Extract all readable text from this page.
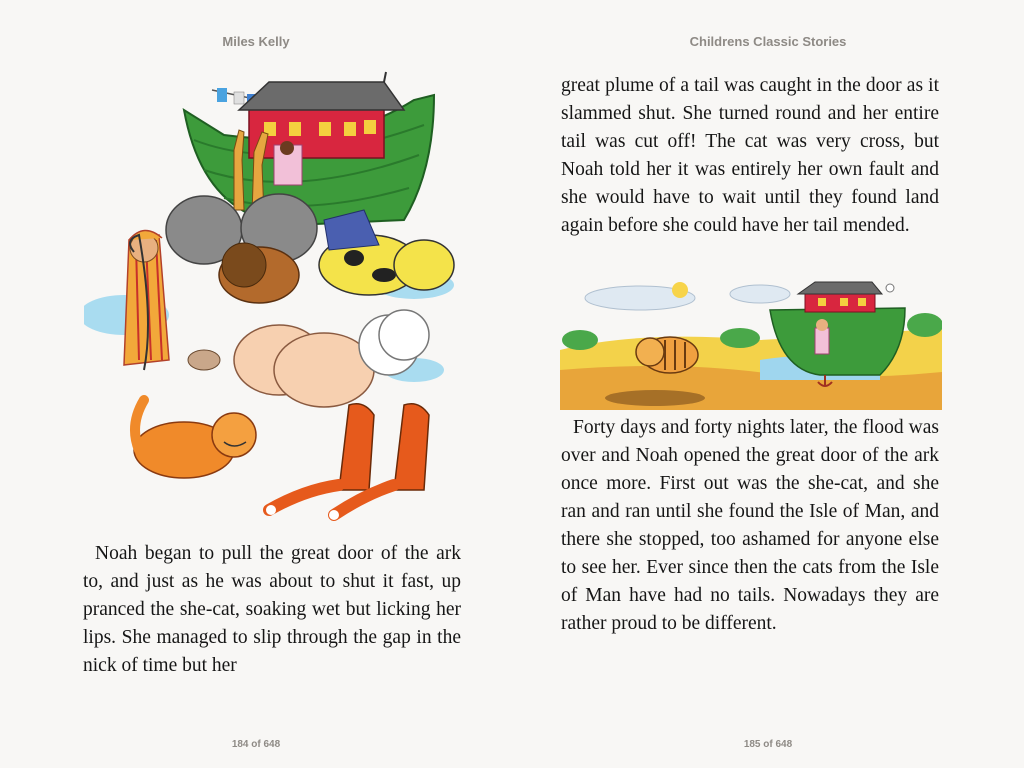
Miles Kelly
Noah began to pull the great door of the ark to, and just as he was about to shut it fast, up pranced the she-cat, soaking wet but licking her lips. She managed to slip through the gap in the nick of time but her
184 of 648
Childrens Classic Stories
185 of 648
great plume of a tail was caught in the door as it slammed shut. She turned round and her entire tail was cut off! The cat was very cross, but Noah told her it was entirely her own fault and she would have to wait until they found land again before she could have her tail mended.
Forty days and forty nights later, the flood was over and Noah opened the great door of the ark once more. First out was the she-cat, and she ran and ran until she found the Isle of Man, and there she stopped, too ashamed for anyone else to see her. Ever since then the cats from the Isle of Man have had no tails. Nowadays they are rather proud to be different.
